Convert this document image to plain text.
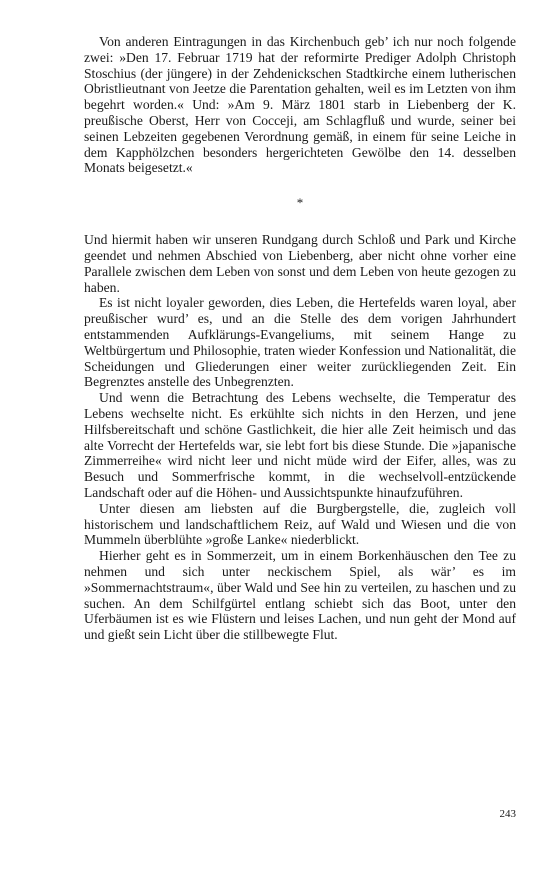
Von anderen Eintragungen in das Kirchenbuch geb’ ich nur noch folgende zwei: »Den 17. Februar 1719 hat der reformirte Prediger Adolph Christoph Stoschius (der jüngere) in der Zehdenickschen Stadtkirche einem lutherischen Obristlieutnant von Jeetze die Parentation gehalten, weil es im Letzten von ihm begehrt worden.« Und: »Am 9. März 1801 starb in Liebenberg der K. preußische Oberst, Herr von Cocceji, am Schlagfluß und wurde, seiner bei seinen Lebzeiten gegebenen Verordnung gemäß, in einem für seine Leiche in dem Kapphölzchen besonders hergerichteten Gewölbe den 14. desselben Monats beigesetzt.«

*

Und hiermit haben wir unseren Rundgang durch Schloß und Park und Kirche geendet und nehmen Abschied von Liebenberg, aber nicht ohne vorher eine Parallele zwischen dem Leben von sonst und dem Leben von heute gezogen zu haben.

Es ist nicht loyaler geworden, dies Leben, die Hertefelds waren loyal, aber preußischer wurd’ es, und an die Stelle des dem vorigen Jahrhundert entstammenden Aufklärungs-Evangeliums, mit seinem Hange zu Weltbürgertum und Philosophie, traten wieder Konfession und Nationalität, die Scheidungen und Gliederungen einer weiter zurückliegenden Zeit. Ein Begrenztes anstelle des Unbegrenzten.

Und wenn die Betrachtung des Lebens wechselte, die Temperatur des Lebens wechselte nicht. Es erkühlte sich nichts in den Herzen, und jene Hilfsbereitschaft und schöne Gastlichkeit, die hier alle Zeit heimisch und das alte Vorrecht der Hertefelds war, sie lebt fort bis diese Stunde. Die »japanische Zimmerreihe« wird nicht leer und nicht müde wird der Eifer, alles, was zu Besuch und Sommerfrische kommt, in die wechselvoll-entzückende Landschaft oder auf die Höhen- und Aussichtspunkte hinaufzuführen.

Unter diesen am liebsten auf die Burgbergstelle, die, zugleich voll historischem und landschaftlichem Reiz, auf Wald und Wiesen und die von Mummeln überblühte »große Lanke« niederblickt.

Hierher geht es in Sommerzeit, um in einem Borkenhäuschen den Tee zu nehmen und sich unter neckischem Spiel, als wär’ es im »Sommernachtstraum«, über Wald und See hin zu verteilen, zu haschen und zu suchen. An dem Schilfgürtel entlang schiebt sich das Boot, unter den Uferbäumen ist es wie Flüstern und leises Lachen, und nun geht der Mond auf und gießt sein Licht über die stillbewegte Flut.

243
